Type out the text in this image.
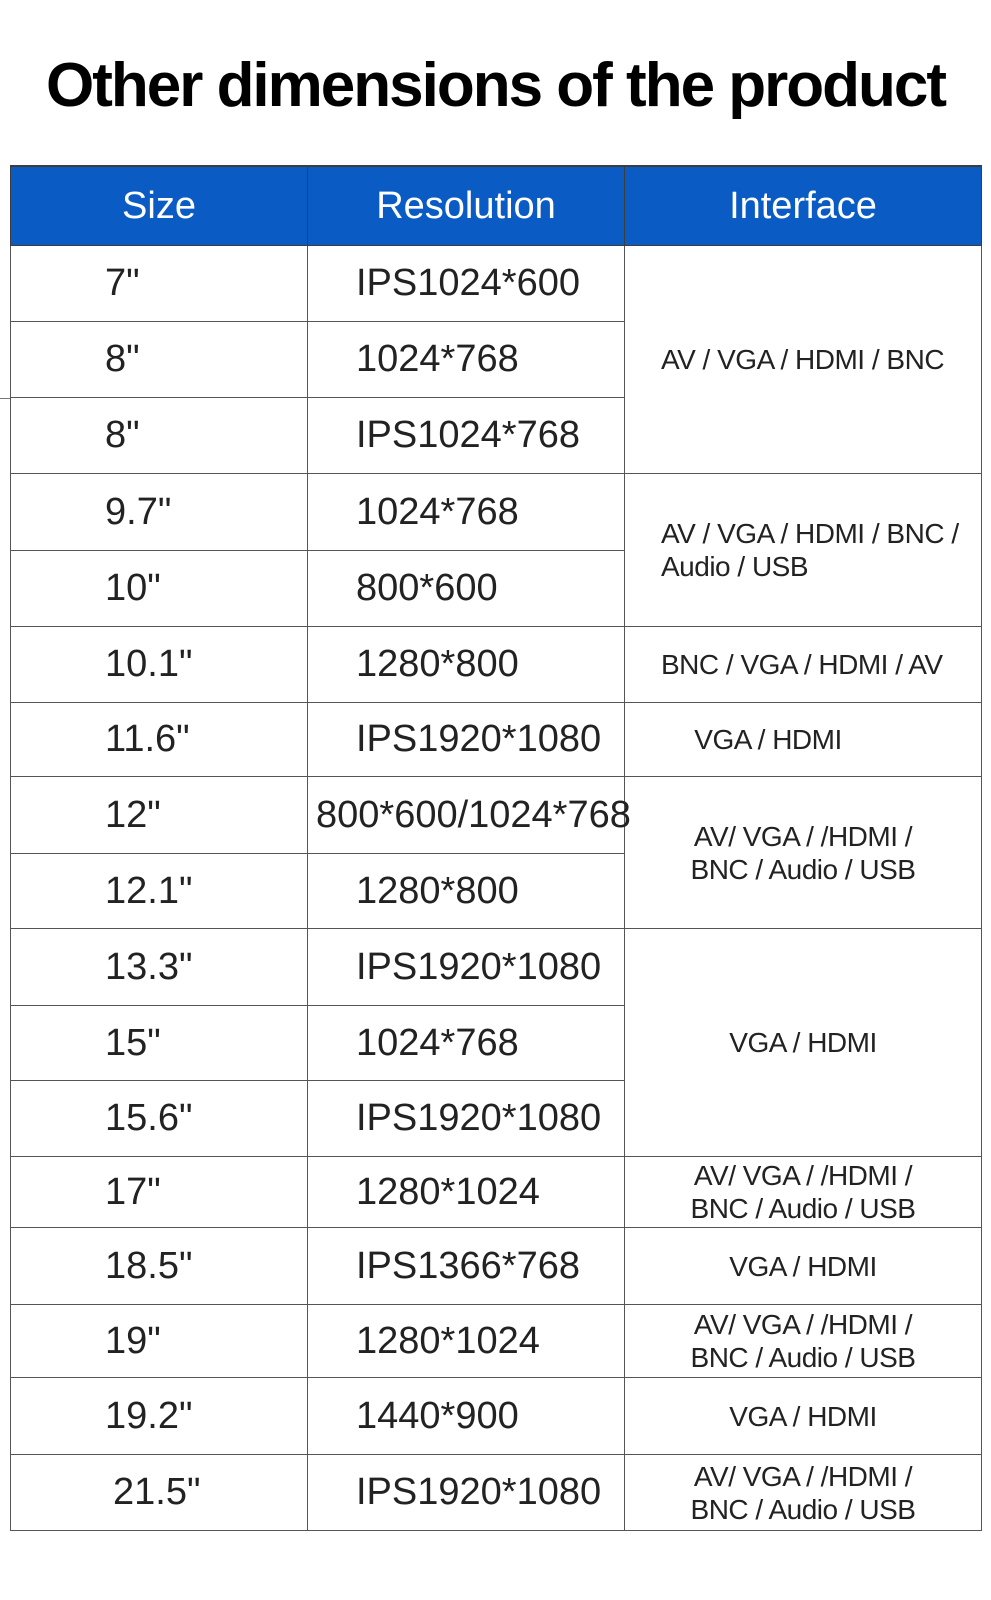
Other dimensions of the product
Size	Resolution	Interface
7"	IPS1024*600	AV / VGA / HDMI / BNC

8"	1024*768	
8"	IPS1024*768	
9.7"	1024*768	AV / VGA / HDMI / BNC /
Audio / USB

10"	800*600	
10.1"	1280*800	BNC / VGA / HDMI / AV

11.6"	IPS1920*1080	VGA / HDMI

12"	800*600/1024*768	AV/ VGA / /HDMI /
BNC / Audio / USB

12.1"	1280*800	
13.3"	IPS1920*1080	VGA / HDMI

15"	1024*768	
15.6"	IPS1920*1080	
17"	1280*1024	AV/ VGA / /HDMI /
BNC / Audio / USB

18.5"	IPS1366*768	VGA / HDMI

19"	1280*1024	AV/ VGA / /HDMI /
BNC / Audio / USB

19.2"	1440*900	VGA / HDMI

21.5"	IPS1920*1080	AV/ VGA / /HDMI /
BNC / Audio / USB
